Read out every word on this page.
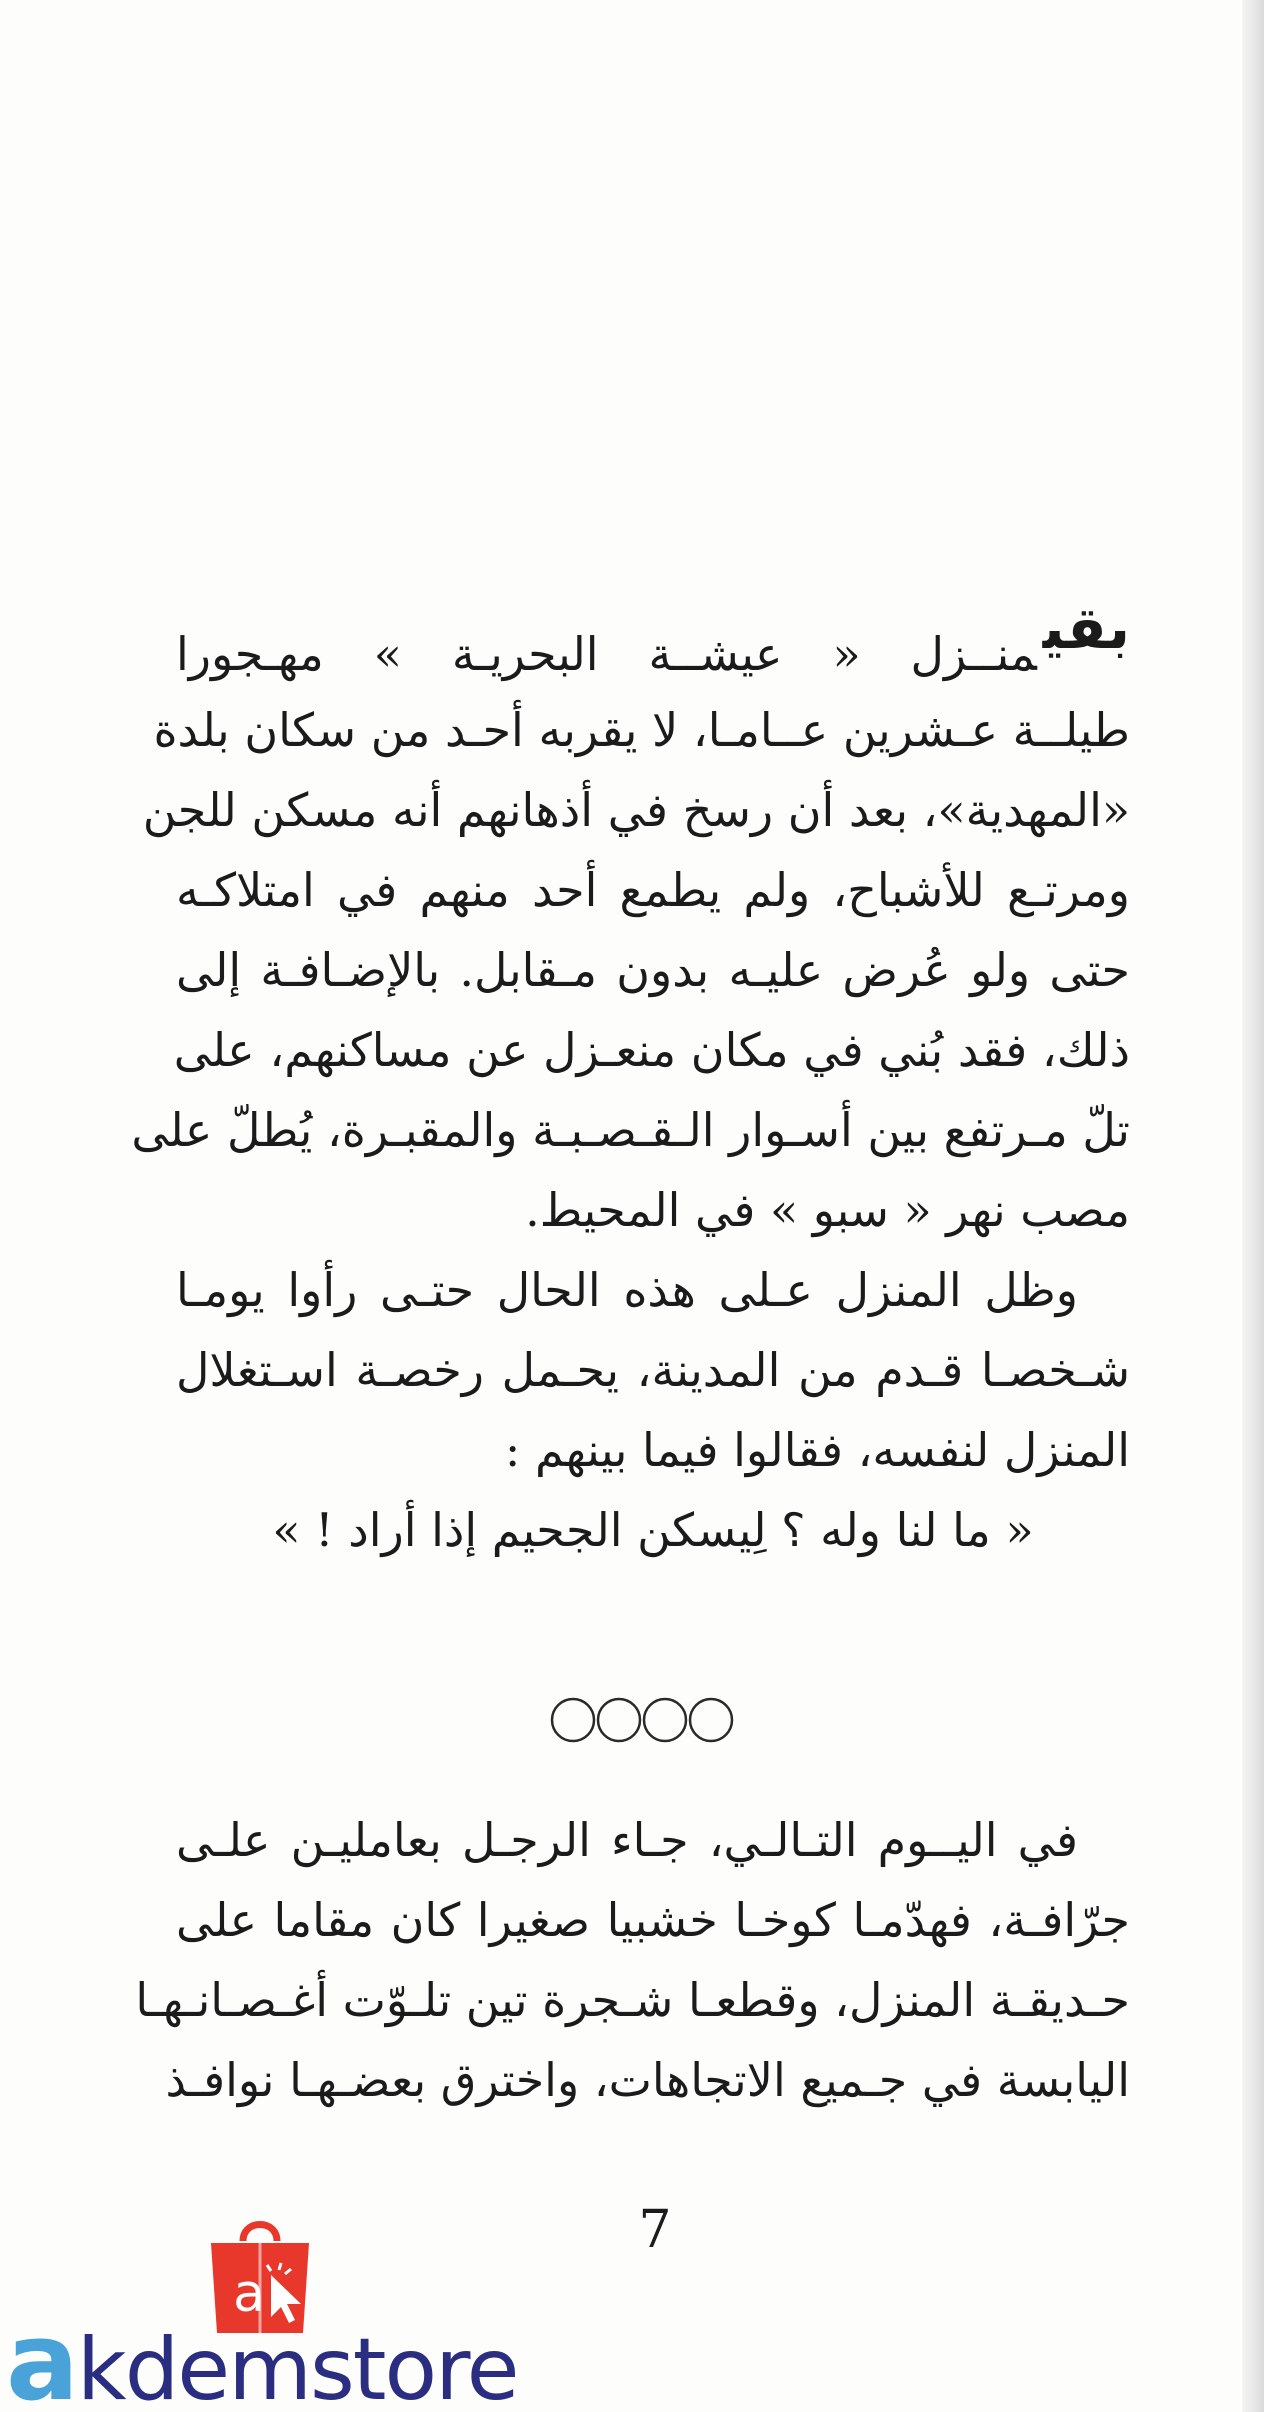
بقيمنــزل « عيشــة البحريـة » مهـجورا
طيلــة عـشرين عــامـا، لا يقربه أحـد من سكان بلدة
«المهدية»، بعد أن رسخ في أذهانهم أنه مسكن للجن
ومرتـع للأشباح، ولم يطمع أحد منهم في امتلاكـه
حتى ولو عُرض عليـه بدون مـقابل. بالإضـافـة إلى
ذلك، فقد بُني في مكان منعـزل عن مساكنهم، على
تلّ مـرتفع بين أسـوار الـقـصـبـة والمقبـرة، يُطلّ على
مصب نهر « سبو » في المحيط.
وظل المنزل عـلى هذه الحال حتـى رأوا يومـا
شـخصـا قـدم من المدينة، يحـمل رخصـة اسـتغلال
المنزل لنفسه، فقالوا فيما بينهم :
« ما لنا وله ؟ لِيسكن الجحيم إذا أراد ! »
في اليــوم التـالـي، جـاء الرجـل بعامليـن علـى
جرّافـة، فهدّمـا كوخـا خشبيا صغيرا كان مقاما على
حـديقـة المنزل، وقطعـا شـجرة تين تلـوّت أغـصـانـهـا
اليابسة في جـميع الاتجاهات، واخترق بعضـهـا نوافـذ
7
a
akdemstore
